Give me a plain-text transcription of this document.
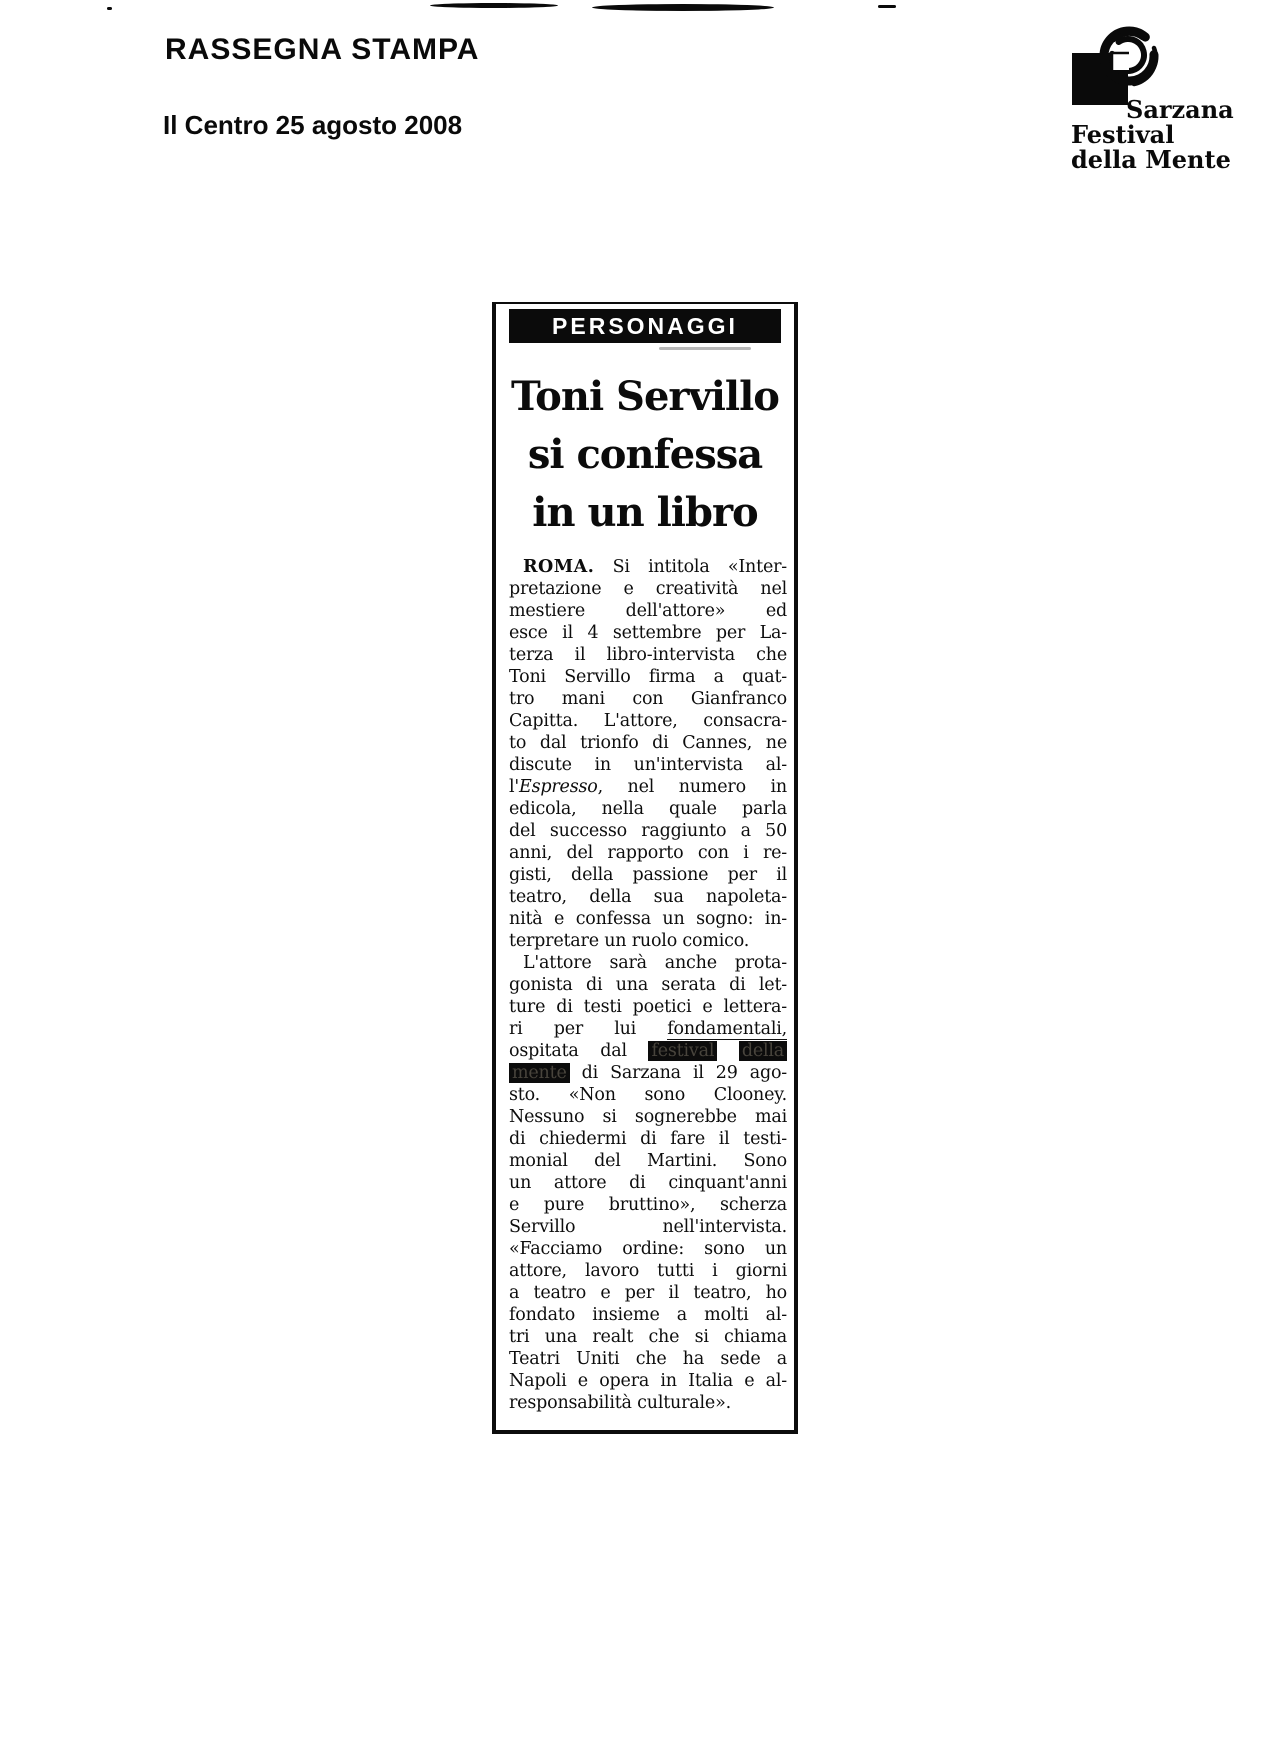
RASSEGNA STAMPA
Il Centro 25 agosto 2008
Sarzana
Festival
della Mente
PERSONAGGI
Toni Servillo
si confessa
in un libro
ROMA. Si intitola «Inter-
pretazione e creatività nel
mestiere dell'attore» ed
esce il 4 settembre per La-
terza il libro-intervista che
Toni Servillo firma a quat-
tro mani con Gianfranco
Capitta. L'attore, consacra-
to dal trionfo di Cannes, ne
discute in un'intervista al-
l'Espresso, nel numero in
edicola, nella quale parla
del successo raggiunto a 50
anni, del rapporto con i re-
gisti, della passione per il
teatro, della sua napoleta-
nità e confessa un sogno: in-
terpretare un ruolo comico.
L'attore sarà anche prota-
gonista di una serata di let-
ture di testi poetici e lettera-
ri per lui fondamentali,
ospitata dal festival della
mente di Sarzana il 29 ago-
sto. «Non sono Clooney.
Nessuno si sognerebbe mai
di chiedermi di fare il testi-
monial del Martini. Sono
un attore di cinquant'anni
e pure bruttino», scherza
Servillo nell'intervista.
«Facciamo ordine: sono un
attore, lavoro tutti i giorni
a teatro e per il teatro, ho
fondato insieme a molti al-
tri una realt che si chiama
Teatri Uniti che ha sede a
Napoli e opera in Italia e al-
responsabilità culturale».
